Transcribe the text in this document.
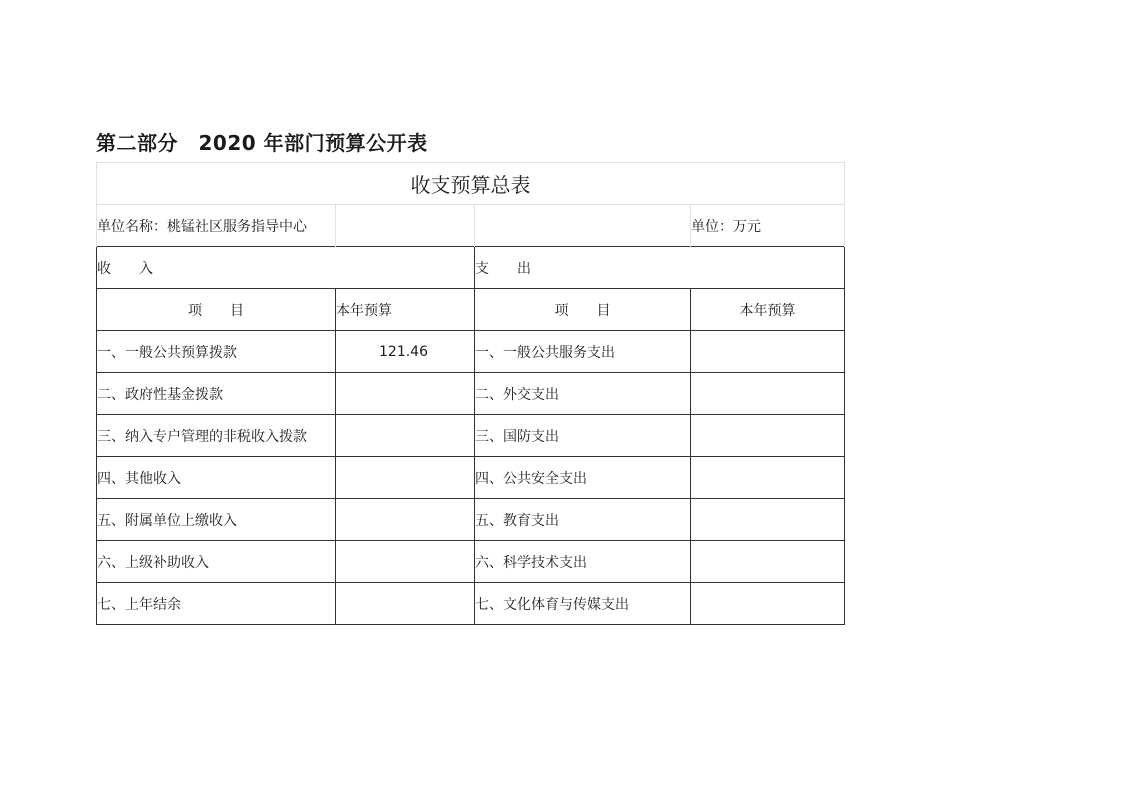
第二部分　2020 年部门预算公开表
收支预算总表			
单位名称：桃锰社区服务指导中心			单位：万元
收　　入		支　　出	
项　　目	本年预算	项　　目	本年预算
一、一般公共预算拨款	121.46	一、一般公共服务支出	
二、政府性基金拨款		二、外交支出	
三、纳入专户管理的非税收入拨款		三、国防支出	
四、其他收入		四、公共安全支出	
五、附属单位上缴收入		五、教育支出	
六、上级补助收入		六、科学技术支出	
七、上年结余		七、文化体育与传媒支出	
